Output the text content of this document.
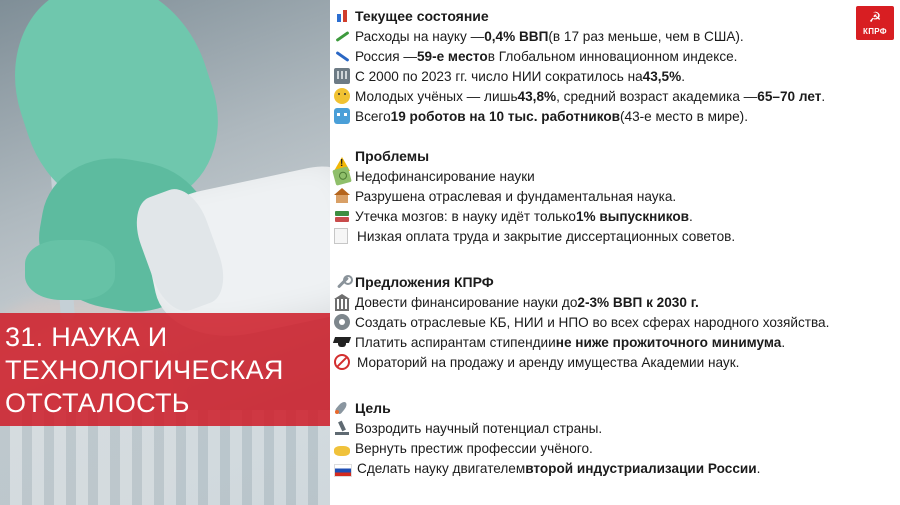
31. НАУКА И
ТЕХНОЛОГИЧЕСКАЯ
ОТСТАЛОСТЬ
☭
КПРФ
Текущее состояние
Расходы на науку — 0,4% ВВП (в 17 раз меньше, чем в США).
Россия — 59-е место в Глобальном инновационном индексе.
С 2000 по 2023 гг. число НИИ сократилось на 43,5% .
Молодых учёных — лишь 43,8% , средний возраст академика — 65–70 лет .
Всего 19 роботов на 10 тыс. работников (43-е место в мире).
Проблемы
Недофинансирование науки
Разрушена отраслевая и фундаментальная наука.
Утечка мозгов: в науку идёт только 1% выпускников .
Низкая оплата труда и закрытие диссертационных советов.
Предложения КПРФ
Довести финансирование науки до 2-3% ВВП к 2030 г.
Создать отраслевые КБ, НИИ и НПО во всех сферах народного хозяйства.
Платить аспирантам стипендии не ниже прожиточного минимума .
Мораторий на продажу и аренду имущества Академии наук.
Цель
Возродить научный потенциал страны.
Вернуть престиж профессии учёного.
Сделать науку двигателем второй индустриализации России .
